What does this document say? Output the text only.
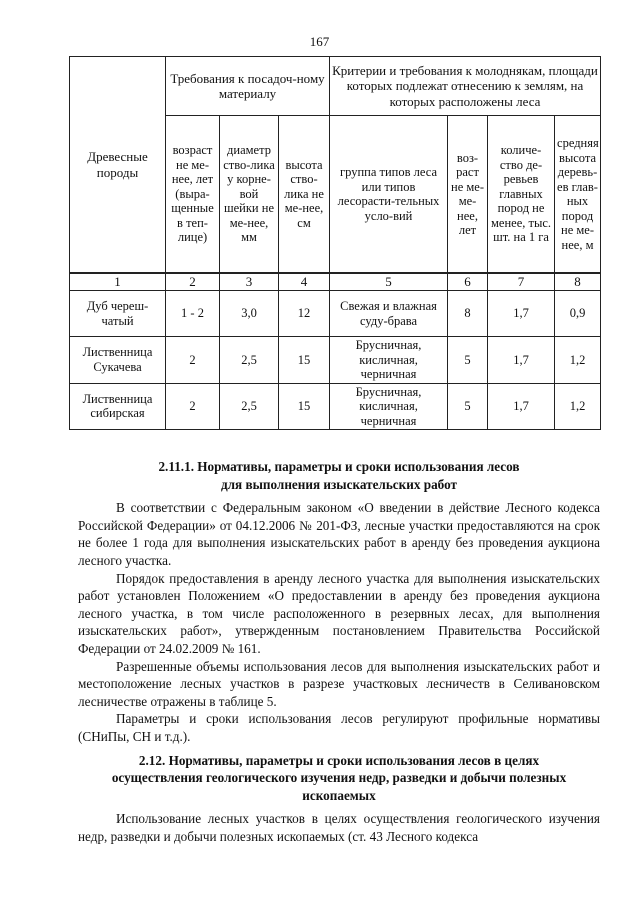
167
Древесные породы	Требования к посадоч-ному материалу			Критерии и требования к молоднякам, площади которых подлежат отнесению к землям, на которых расположены леса			
	возраст не ме-нее, лет (выра-щенные в теп-лице)	диаметр ство-лика у корне-вой шейки не ме-нее, мм	высота ство-лика не ме-нее, см	группа типов леса или типов лесорасти-тельных усло-вий	воз-раст не ме-ме-нее, лет	количе-ство де-ревьев главных пород не менее, тыс. шт. на 1 га	средняя высота деревь-ев глав-ных пород не ме-нее, м
1	2	3	4	5	6	7	8
Дуб череш-чатый	1 - 2	3,0	12	Свежая и влажная суду-брава	8	1,7	0,9
Лиственница Сукачева	2	2,5	15	Брусничная, кисличная, черничная	5	1,7	1,2
Лиственница сибирская	2	2,5	15	Брусничная, кисличная, черничная	5	1,7	1,2

2.11.1. Нормативы, параметры и сроки использования лесов
для выполнения изыскательских работ

В соответствии с Федеральным законом «О введении в действие Лесного кодекса Российской Федерации» от 04.12.2006 № 201-ФЗ, лесные участки предоставляются на срок не более 1 года для выполнения изыскательских работ в аренду без проведения аукциона лесного участка.

Порядок предоставления в аренду лесного участка для выполнения изыскательских работ установлен Положением «О предоставлении в аренду без проведения аукциона лесного участка, в том числе расположенного в резервных лесах, для выполнения изыскательских работ», утвержденным постановлением Правительства Российской Федерации от 24.02.2009 № 161.

Разрешенные объемы использования лесов для выполнения изыскательских работ и местоположение лесных участков в разрезе участковых лесничеств в Селивановском лесничестве отражены в таблице 5.

Параметры и сроки использования лесов регулируют профильные нормативы (СНиПы, СН и т.д.).

2.12. Нормативы, параметры и сроки использования лесов в целях
осуществления геологического изучения недр, разведки и добычи полезных
ископаемых

Использование лесных участков в целях осуществления геологического изучения недр, разведки и добычи полезных ископаемых (ст. 43 Лесного кодекса
